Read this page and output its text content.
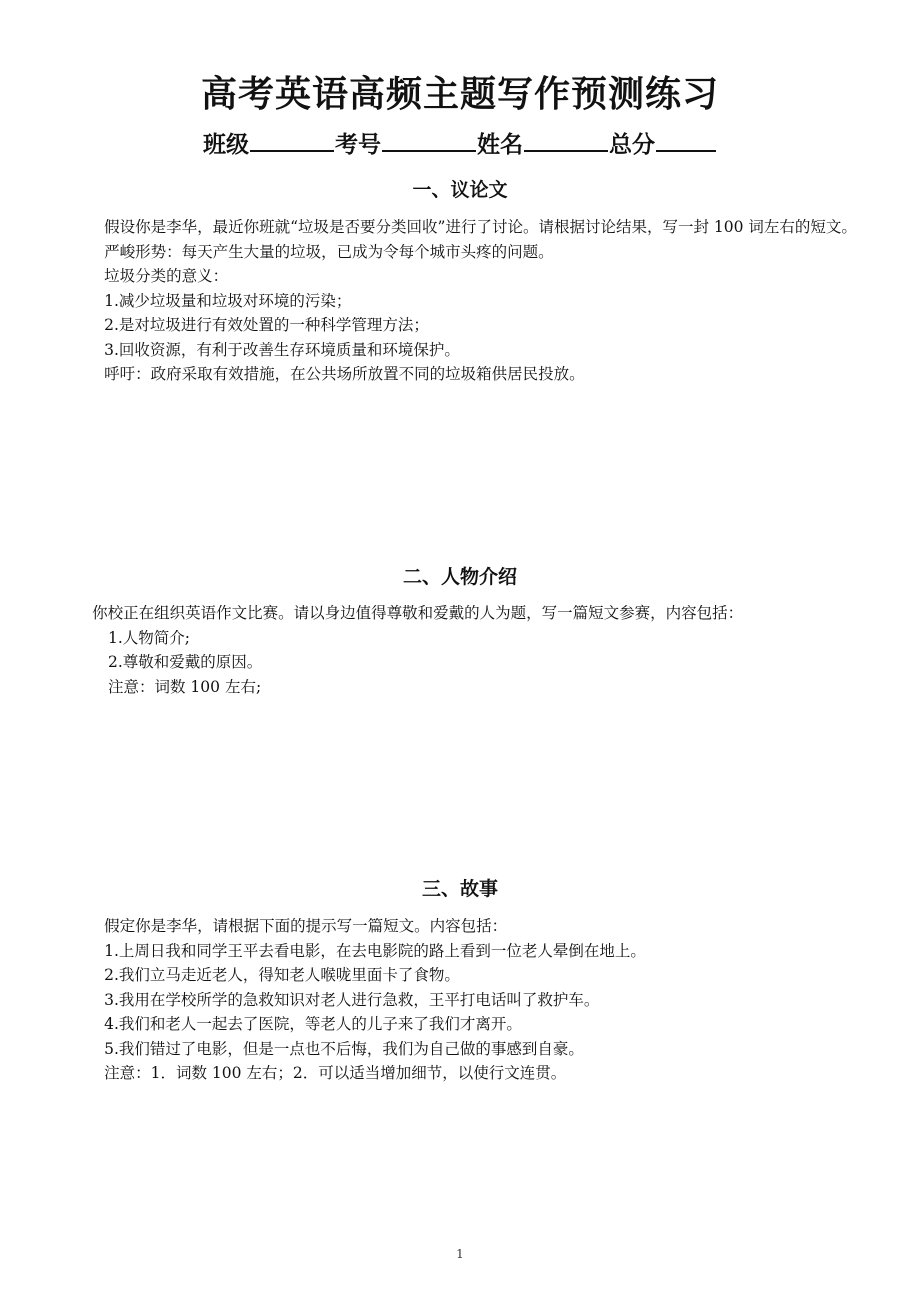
高考英语高频主题写作预测练习
班级	考号	姓名	总分
一、议论文

假设你是李华，最近你班就“垃圾是否要分类回收”进行了讨论。请根据讨论结果，写一封 100 词左右的短文。

严峻形势：每天产生大量的垃圾，已成为令每个城市头疼的问题。

垃圾分类的意义：

1.减少垃圾量和垃圾对环境的污染；

2.是对垃圾进行有效处置的一种科学管理方法；

3.回收资源，有利于改善生存环境质量和环境保护。

呼吁：政府采取有效措施，在公共场所放置不同的垃圾箱供居民投放。

二、人物介绍

你校正在组织英语作文比赛。请以身边值得尊敬和爱戴的人为题，写一篇短文参赛，内容包括：

1.人物简介;

2.尊敬和爱戴的原因。

注意：词数 100 左右;

三、故事

假定你是李华，请根据下面的提示写一篇短文。内容包括：

1.上周日我和同学王平去看电影，在去电影院的路上看到一位老人晕倒在地上。

2.我们立马走近老人，得知老人喉咙里面卡了食物。

3.我用在学校所学的急救知识对老人进行急救，王平打电话叫了救护车。

4.我们和老人一起去了医院，等老人的儿子来了我们才离开。

5.我们错过了电影，但是一点也不后悔，我们为自己做的事感到自豪。

注意：1．词数 100 左右；2．可以适当增加细节，以使行文连贯。

1
